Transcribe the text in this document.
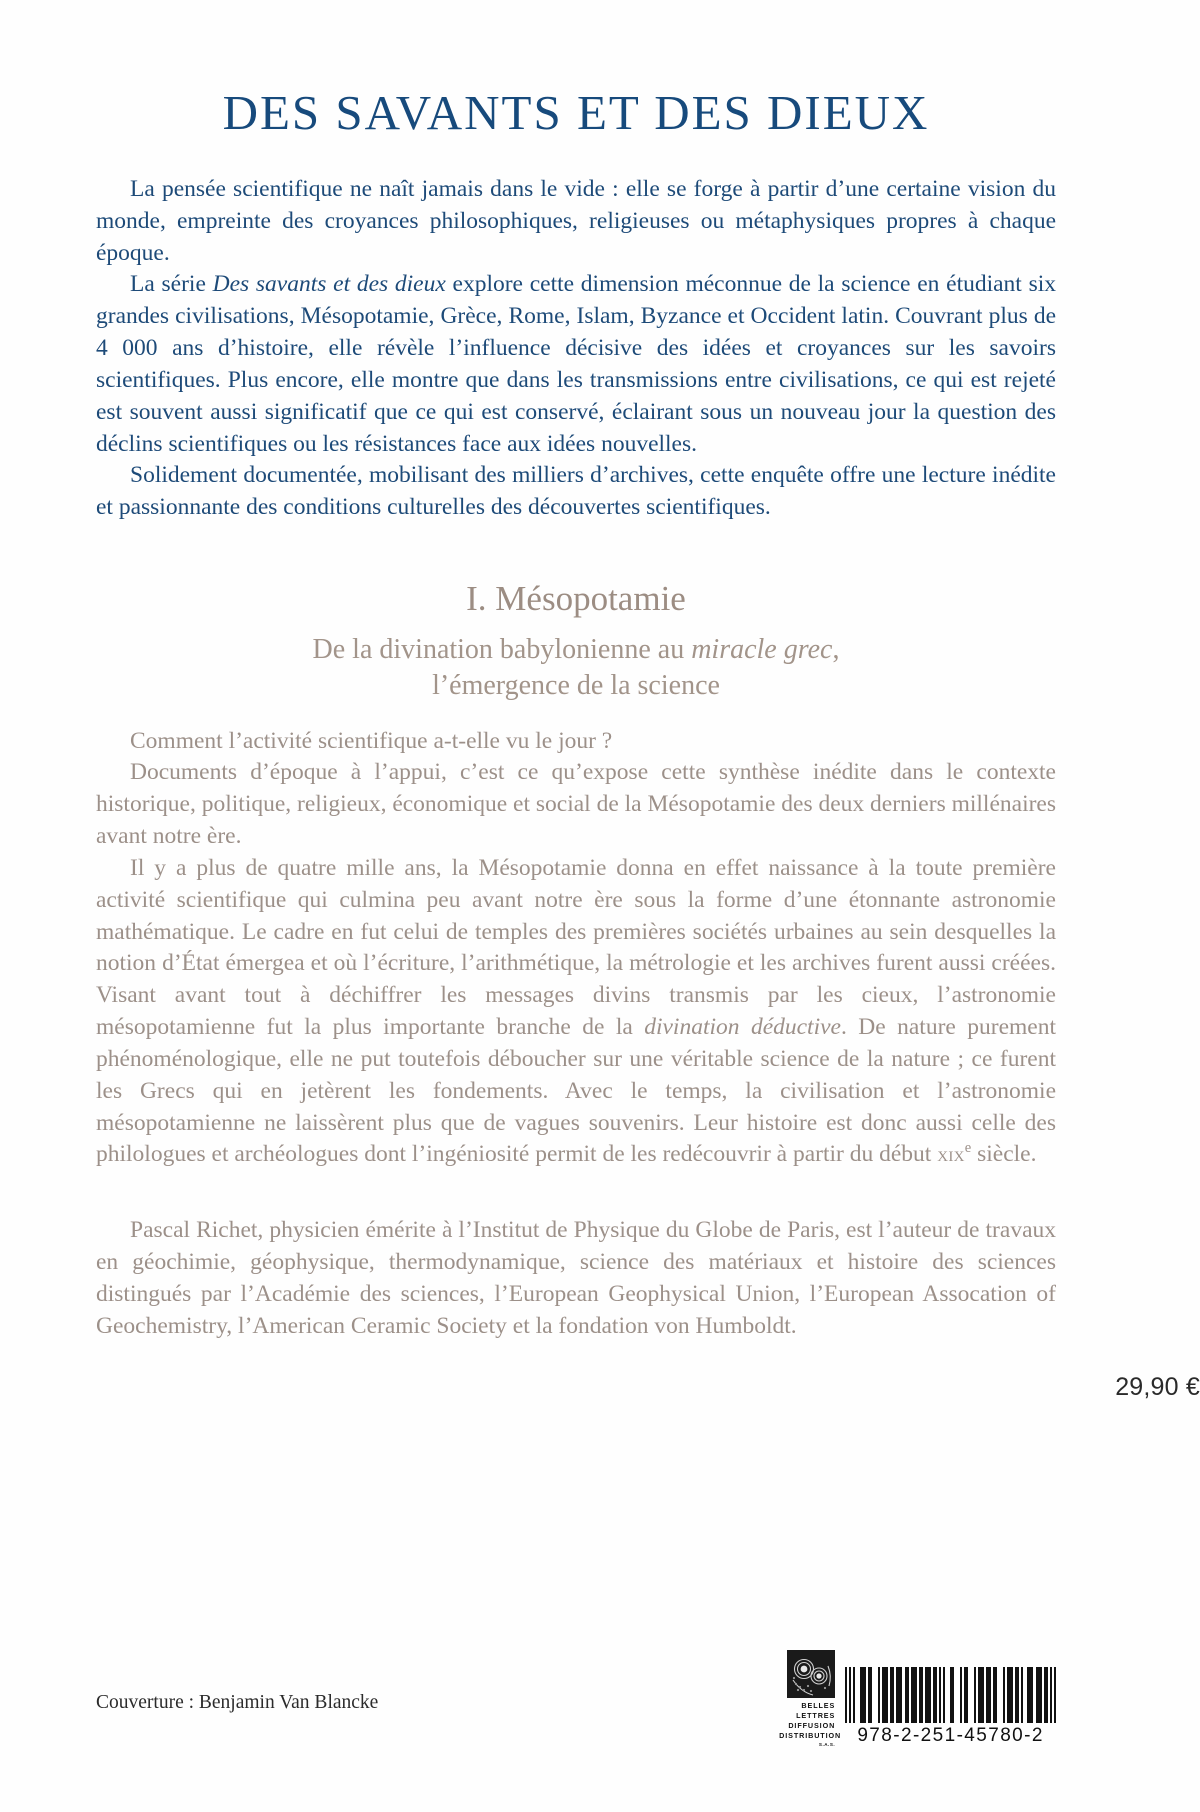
DES SAVANTS ET DES DIEUX

La pensée scientifique ne naît jamais dans le vide : elle se forge à partir d’une certaine vision du monde, empreinte des croyances philosophiques, religieuses ou métaphysiques propres à chaque époque.

La série Des savants et des dieux explore cette dimension méconnue de la science en étudiant six grandes civilisations, Mésopotamie, Grèce, Rome, Islam, Byzance et Occident latin. Couvrant plus de 4 000 ans d’histoire, elle révèle l’influence décisive des idées et croyances sur les savoirs scientifiques. Plus encore, elle montre que dans les transmissions entre civilisations, ce qui est rejeté est souvent aussi significatif que ce qui est conservé, éclairant sous un nouveau jour la question des déclins scientifiques ou les résistances face aux idées nouvelles.

Solidement documentée, mobilisant des milliers d’archives, cette enquête offre une lecture inédite et passionnante des conditions culturelles des découvertes scientifiques.

I. Mésopotamie

De la divination babylonienne au miracle grec,
l’émergence de la science

Comment l’activité scientifique a-t-elle vu le jour ?

Documents d’époque à l’appui, c’est ce qu’expose cette synthèse inédite dans le contexte historique, politique, religieux, économique et social de la Mésopotamie des deux derniers millénaires avant notre ère.

Il y a plus de quatre mille ans, la Mésopotamie donna en effet naissance à la toute première activité scientifique qui culmina peu avant notre ère sous la forme d’une étonnante astronomie mathématique. Le cadre en fut celui de temples des premières sociétés urbaines au sein desquelles la notion d’État émergea et où l’écriture, l’arithmétique, la métrologie et les archives furent aussi créées. Visant avant tout à déchiffrer les messages divins transmis par les cieux, l’astronomie mésopotamienne fut la plus importante branche de la divination déductive. De nature purement phénoménologique, elle ne put toutefois déboucher sur une véritable science de la nature ; ce furent les Grecs qui en jetèrent les fondements. Avec le temps, la civilisation et l’astronomie mésopotamienne ne laissèrent plus que de vagues souvenirs. Leur histoire est donc aussi celle des philologues et archéologues dont l’ingéniosité permit de les redécouvrir à partir du début xix$^e$ siècle.

Pascal Richet, physicien émérite à l’Institut de Physique du Globe de Paris, est l’auteur de travaux en géochimie, géophysique, thermodynamique, science des matériaux et histoire des sciences distingués par l’Académie des sciences, l’European Geophysical Union, l’European Assocation of Geochemistry, l’American Ceramic Society et la fondation von Humboldt.

29,90 €
Couverture : Benjamin Van Blancke	BELLES LETTRES
DIFFUSION
DISTRIBUTION
S.A.S. 978-2-251-45780-2
